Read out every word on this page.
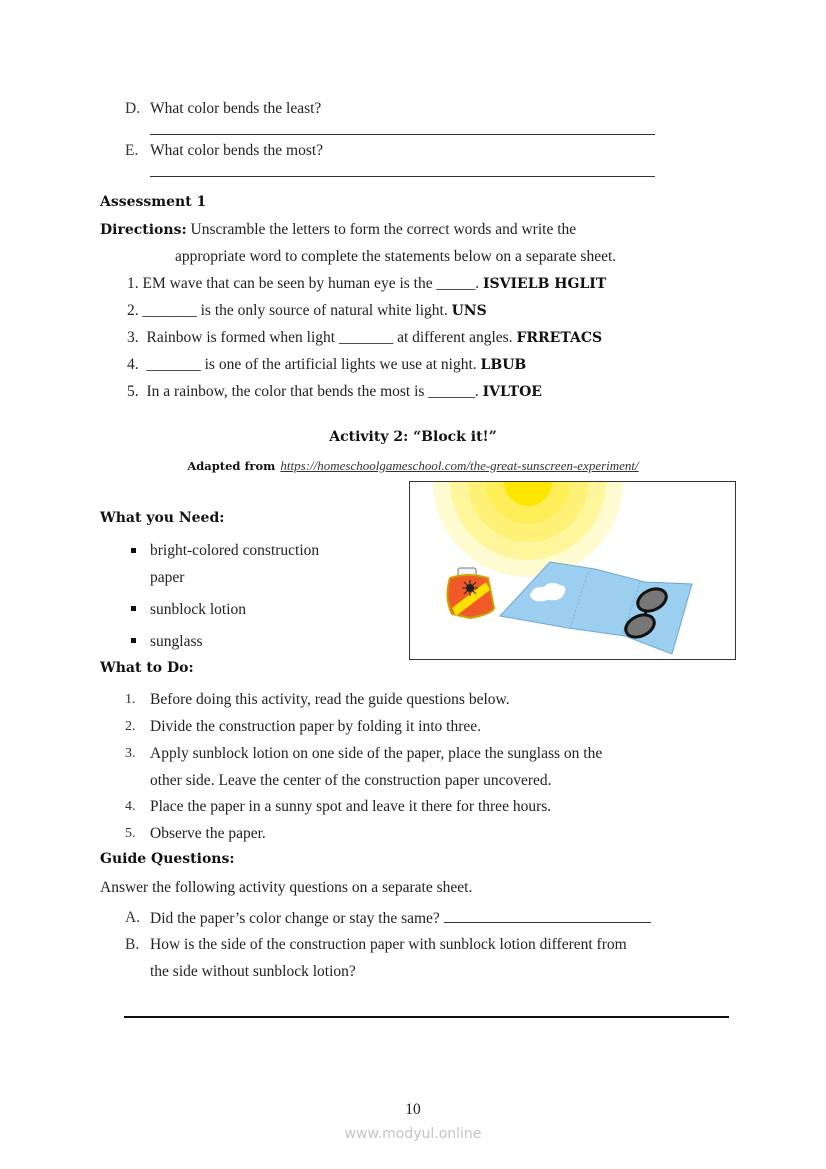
D. What color bends the least?
E. What color bends the most?
Assessment 1
Directions: Unscramble the letters to form the correct words and write the
appropriate word to complete the statements below on a separate sheet.
1. EM wave that can be seen by human eye is the _____. ISVIELB HGLIT
2. _______ is the only source of natural white light. UNS
3. Rainbow is formed when light _______ at different angles. FRRETACS
4. _______ is one of the artificial lights we use at night. LBUB
5. In a rainbow, the color that bends the most is ______. IVLTOE
Activity 2: “Block it!”
Adapted from https://homeschoolgameschool.com/the-great-sunscreen-experiment/
What you Need:
bright-colored construction
paper
sunblock lotion
sunglass
What to Do:
1. Before doing this activity, read the guide questions below.
2. Divide the construction paper by folding it into three.
3. Apply sunblock lotion on one side of the paper, place the sunglass on the
other side. Leave the center of the construction paper uncovered.
4. Place the paper in a sunny spot and leave it there for three hours.
5. Observe the paper.
Guide Questions:
Answer the following activity questions on a separate sheet.
A. Did the paper’s color change or stay the same?
B. How is the side of the construction paper with sunblock lotion different from
the side without sunblock lotion?
10
www.modyul.online
